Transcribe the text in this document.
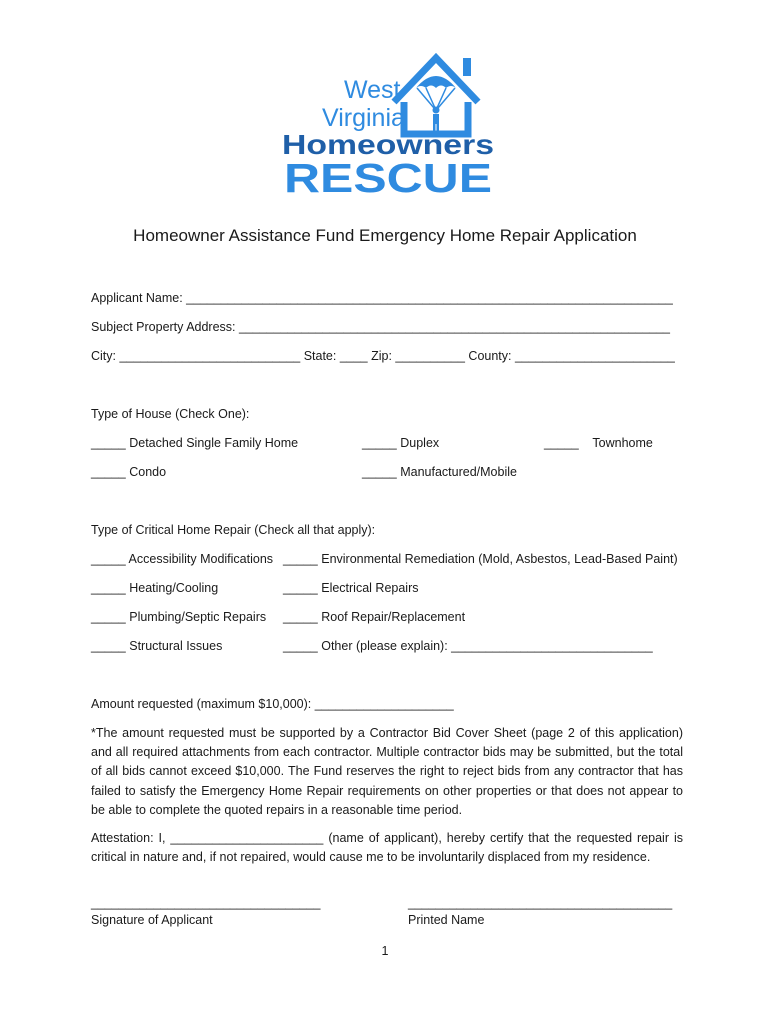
West
Virginia
Homeowners
RESCUE
Homeowner Assistance Fund Emergency Home Repair Application
Applicant Name: ______________________________________________________________________
Subject Property Address: ______________________________________________________________
City: __________________________ State: ____ Zip: __________ County: _______________________
Type of House (Check One):
_____ Detached Single Family Home	_____ Duplex	_____    Townhome
_____ Condo	_____ Manufactured/Mobile
Type of Critical Home Repair (Check all that apply):
_____ Accessibility Modifications _____ Environmental Remediation (Mold, Asbestos, Lead-Based Paint)
_____ Heating/Cooling	_____ Electrical Repairs
_____ Plumbing/Septic Repairs _____ Roof Repair/Replacement
_____ Structural Issues	_____ Other (please explain): _____________________________
Amount requested (maximum $10,000): ____________________
*The amount requested must be supported by a Contractor Bid Cover Sheet (page 2 of this application) and all required attachments from each contractor. Multiple contractor bids may be submitted, but the total of all bids cannot exceed $10,000. The Fund reserves the right to reject bids from any contractor that has failed to satisfy the Emergency Home Repair requirements on other properties or that does not appear to be able to complete the quoted repairs in a reasonable time period.
Attestation: I, ______________________ (name of applicant), hereby certify that the requested repair is critical in nature and, if not repaired, would cause me to be involuntarily displaced from my residence.
_________________________________
Signature of Applicant
______________________________________
Printed Name
1
